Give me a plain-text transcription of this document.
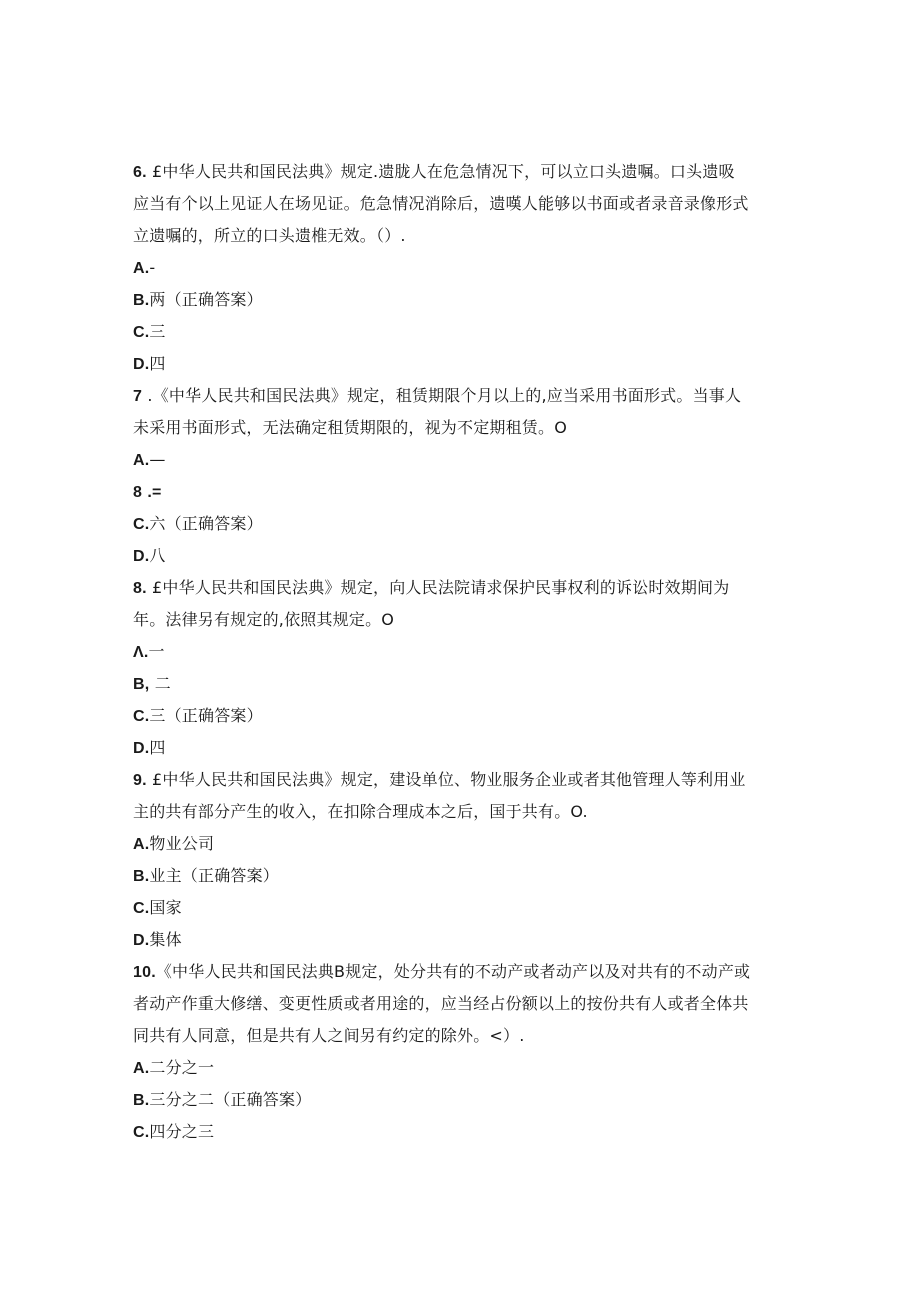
6. £中华人民共和国民法典》规定.遗胧人在危急情况下，可以立口头遗嘱。口头遗吸
应当有个以上见证人在场见证。危急情况消除后，遗嘆人能够以书面或者录音录像形式
立遗嘱的，所立的口头遗椎无效。（）.
A.-
B.两（正确答案）
C.三
D.四
7 .《中华人民共和国民法典》规定，租赁期限个月以上的,应当采用书面形式。当事人
未采用书面形式，无法确定租赁期限的，视为不定期租赁。O
A.—
8 .=
C.六（正确答案）
D.八
8. £中华人民共和国民法典》规定，向人民法院请求保护民事权利的诉讼时效期间为
年。法律另有规定的,依照其规定。O
Λ.一
B, 二
C.三（正确答案）
D.四
9. £中华人民共和国民法典》规定，建设单位、物业服务企业或者其他管理人等利用业
主的共有部分产生的收入，在扣除合理成本之后，国于共有。O.
A.物业公司
B.业主（正确答案）
C.国家
D.集体
10.《中华人民共和国民法典B规定，处分共有的不动产或者动产以及对共有的不动产或
者动产作重大修缮、变更性质或者用途的，应当经占份额以上的按份共有人或者全体共
同共有人同意，但是共有人之间另有约定的除外。<）.
A.二分之一
B.三分之二（正确答案）
C.四分之三
